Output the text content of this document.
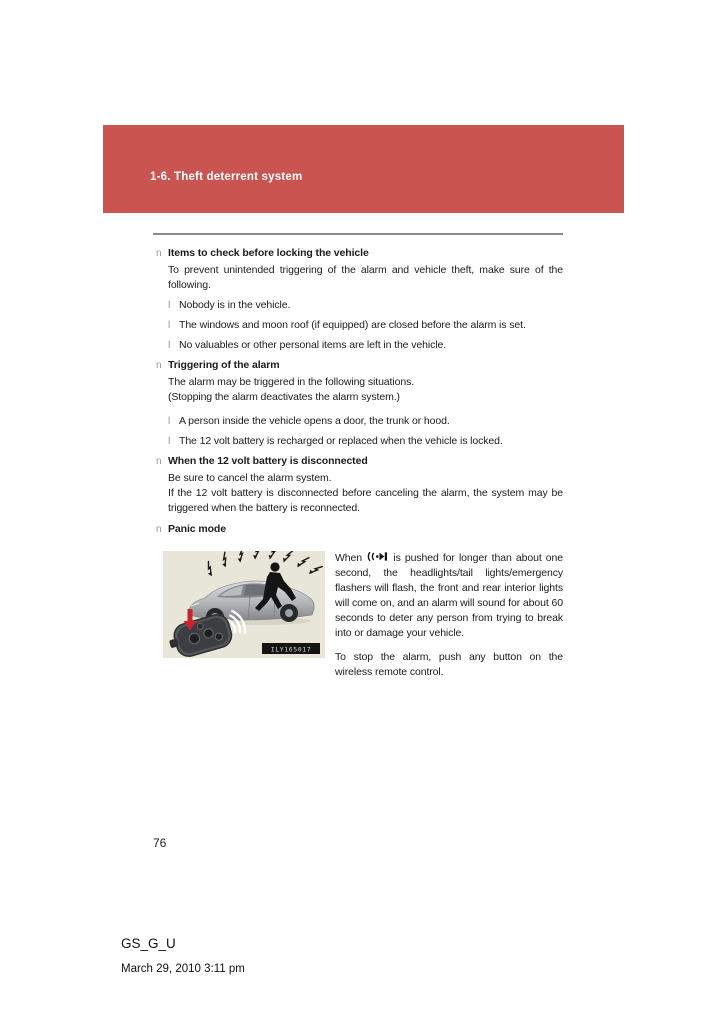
1-6. Theft deterrent system
n Items to check before locking the vehicle
To prevent unintended triggering of the alarm and vehicle theft, make sure of the following.
l Nobody is in the vehicle.
l The windows and moon roof (if equipped) are closed before the alarm is set.
l No valuables or other personal items are left in the vehicle.
n Triggering of the alarm
The alarm may be triggered in the following situations.
(Stopping the alarm deactivates the alarm system.)
l A person inside the vehicle opens a door, the trunk or hood.
l The 12 volt battery is recharged or replaced when the vehicle is locked.
n When the 12 volt battery is disconnected
Be sure to cancel the alarm system.
If the 12 volt battery is disconnected before canceling the alarm, the system may be triggered when the battery is reconnected.
n Panic mode
ILY165017

When	is pushed for longer than about one second, the headlights/tail lights/emergency flashers will flash, the front and rear interior lights will come on, and an alarm will sound for about 60 seconds to deter any person from trying to break into or damage your vehicle.

To stop the alarm, push any button on the wireless remote control.

76
GS_G_U
March 29, 2010 3:11 pm
